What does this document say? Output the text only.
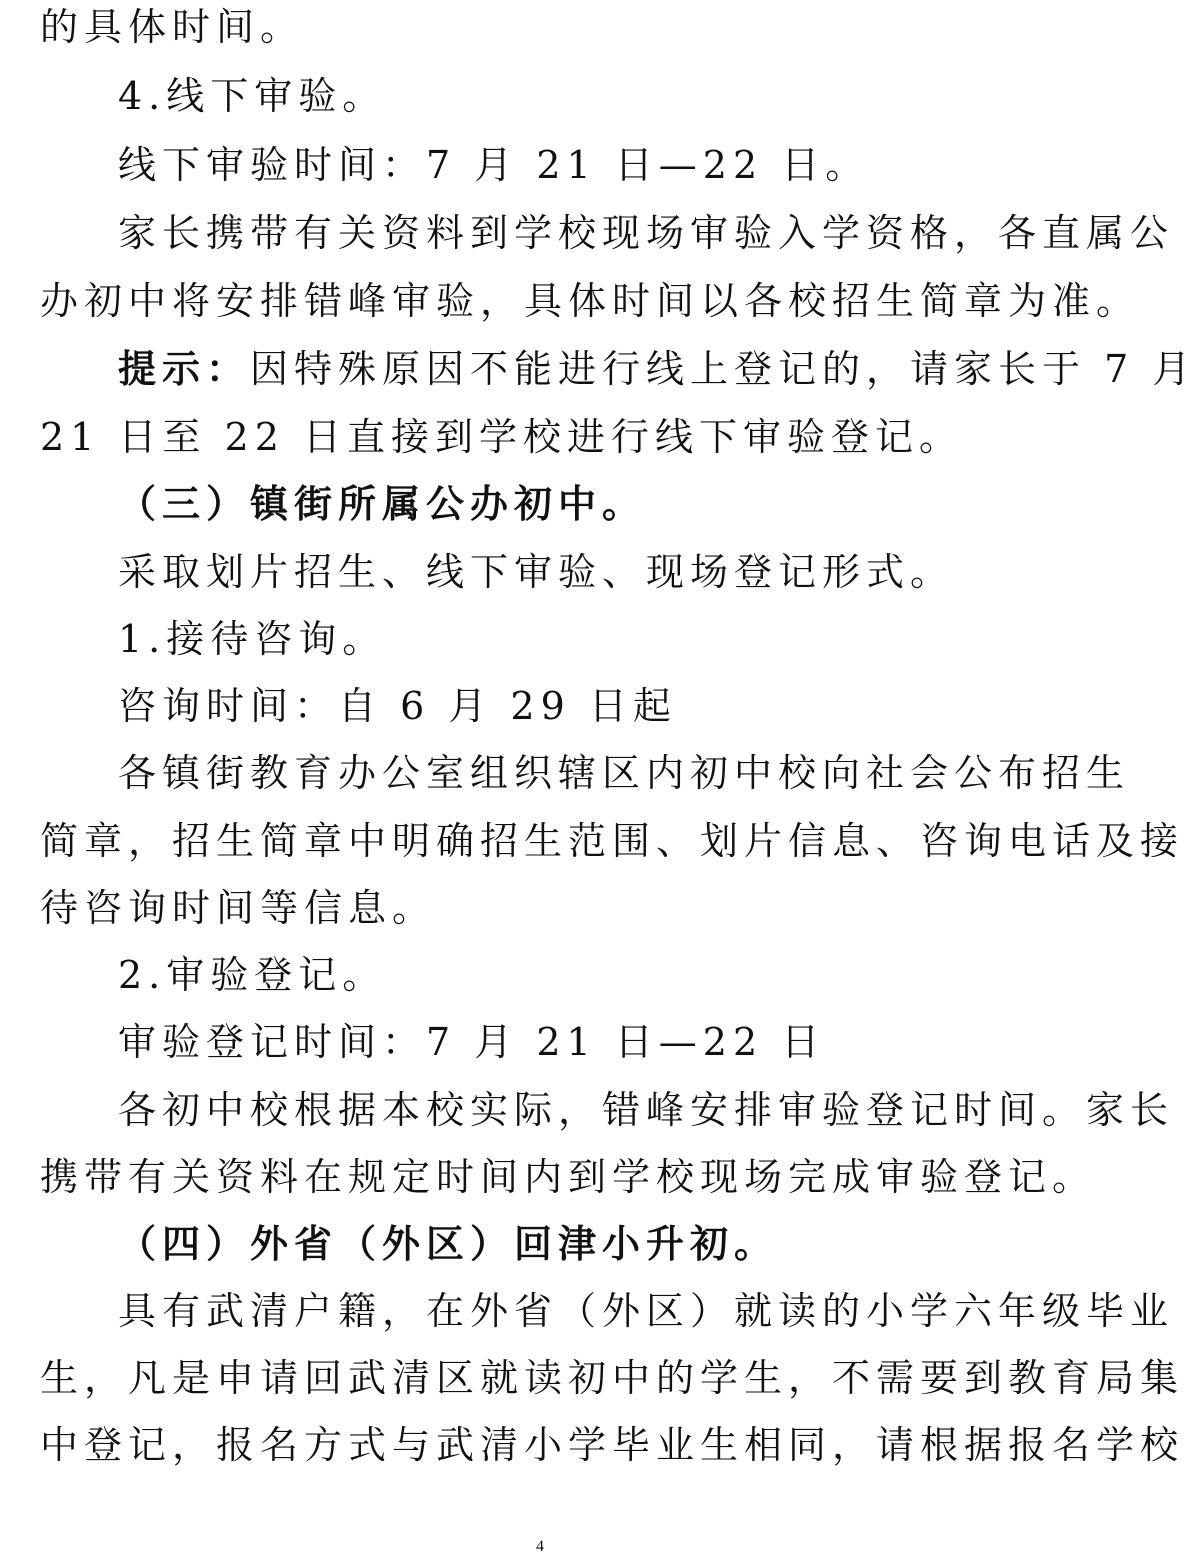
的具体时间。
4.线下审验。
线下审验时间：7 月 21 日—22 日。
家长携带有关资料到学校现场审验入学资格，各直属公
办初中将安排错峰审验，具体时间以各校招生简章为准。
提示：因特殊原因不能进行线上登记的，请家长于 7 月
21 日至 22 日直接到学校进行线下审验登记。
（三）镇街所属公办初中。
采取划片招生、线下审验、现场登记形式。
1.接待咨询。
咨询时间：自 6 月 29 日起
各镇街教育办公室组织辖区内初中校向社会公布招生
简章，招生简章中明确招生范围、划片信息、咨询电话及接
待咨询时间等信息。
2.审验登记。
审验登记时间：7 月 21 日—22 日
各初中校根据本校实际，错峰安排审验登记时间。家长
携带有关资料在规定时间内到学校现场完成审验登记。
（四）外省（外区）回津小升初。
具有武清户籍，在外省（外区）就读的小学六年级毕业
生，凡是申请回武清区就读初中的学生，不需要到教育局集
中登记，报名方式与武清小学毕业生相同，请根据报名学校
4
